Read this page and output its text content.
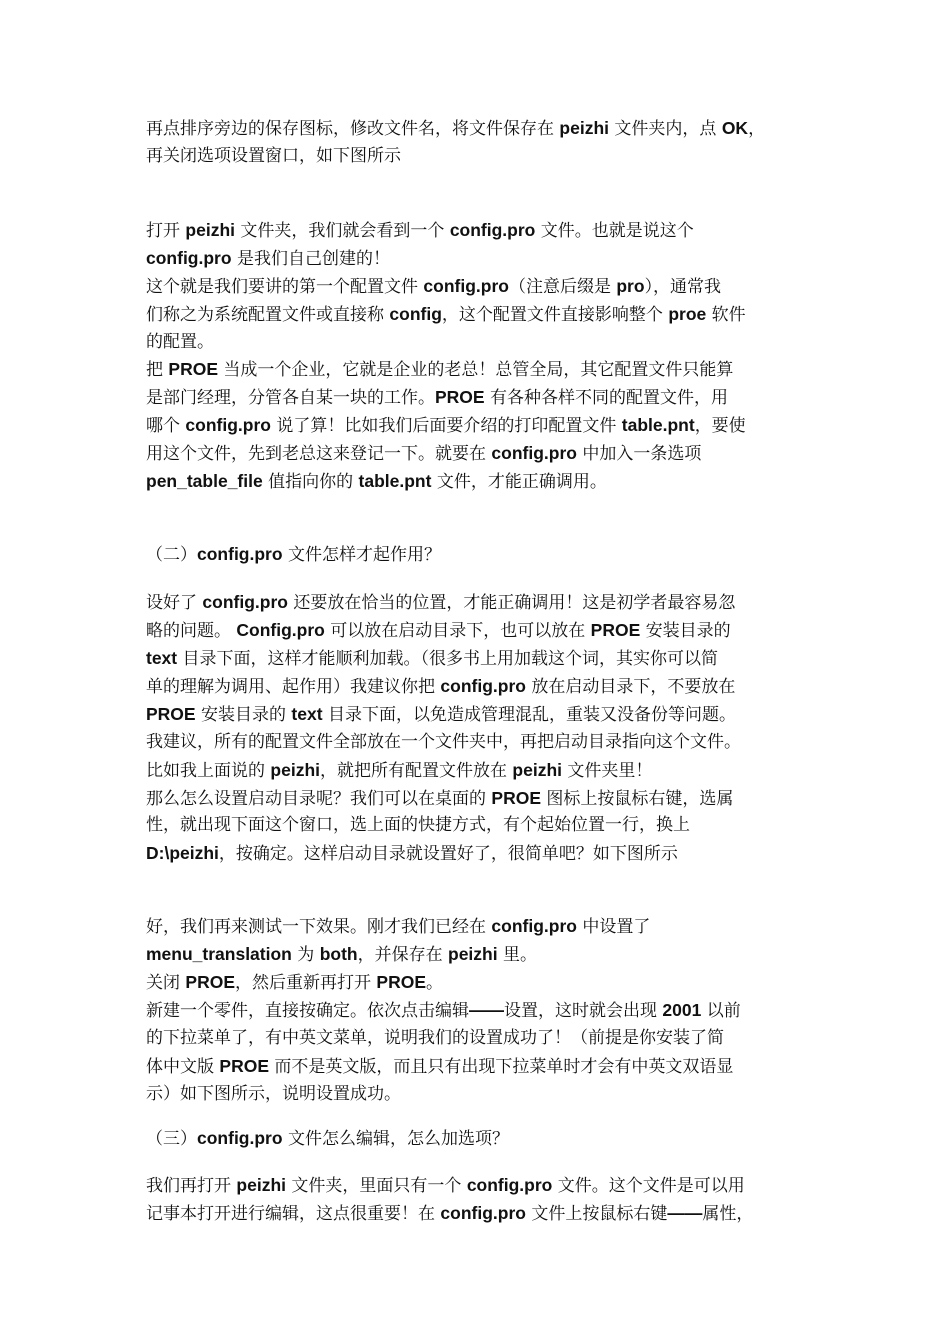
再点排序旁边的保存图标，修改文件名，将文件保存在 peizhi 文件夹内，点 OK，
再关闭选项设置窗口，如下图所示
打开 peizhi 文件夹，我们就会看到一个 config.pro 文件。也就是说这个
config.pro 是我们自己创建的！
这个就是我们要讲的第一个配置文件 config.pro（注意后缀是 pro），通常我
们称之为系统配置文件或直接称 config，这个配置文件直接影响整个 proe 软件
的配置。
把 PROE 当成一个企业，它就是企业的老总！总管全局，其它配置文件只能算
是部门经理，分管各自某一块的工作。PROE 有各种各样不同的配置文件，用
哪个 config.pro 说了算！比如我们后面要介绍的打印配置文件 table.pnt，要使
用这个文件，先到老总这来登记一下。就要在 config.pro 中加入一条选项
pen_table_file 值指向你的 table.pnt 文件，才能正确调用。
（二）config.pro 文件怎样才起作用？
设好了 config.pro 还要放在恰当的位置，才能正确调用！这是初学者最容易忽
略的问题。 Config.pro 可以放在启动目录下，也可以放在 PROE 安装目录的
text 目录下面，这样才能顺利加载。（很多书上用加载这个词，其实你可以简
单的理解为调用、起作用）我建议你把 config.pro 放在启动目录下，不要放在
PROE 安装目录的 text 目录下面，以免造成管理混乱，重装又没备份等问题。
我建议，所有的配置文件全部放在一个文件夹中，再把启动目录指向这个文件。
比如我上面说的 peizhi，就把所有配置文件放在 peizhi 文件夹里！
那么怎么设置启动目录呢？我们可以在桌面的 PROE 图标上按鼠标右键，选属
性，就出现下面这个窗口，选上面的快捷方式，有个起始位置一行，换上
D:\peizhi，按确定。这样启动目录就设置好了，很简单吧？如下图所示
好，我们再来测试一下效果。刚才我们已经在 config.pro 中设置了
menu_translation 为 both，并保存在 peizhi 里。
关闭 PROE，然后重新再打开 PROE。
新建一个零件，直接按确定。依次点击编辑——设置，这时就会出现 2001 以前
的下拉菜单了，有中英文菜单，说明我们的设置成功了！（前提是你安装了简
体中文版 PROE 而不是英文版，而且只有出现下拉菜单时才会有中英文双语显
示）如下图所示，说明设置成功。
（三）config.pro 文件怎么编辑，怎么加选项？
我们再打开 peizhi 文件夹，里面只有一个 config.pro 文件。这个文件是可以用
记事本打开进行编辑，这点很重要！在 config.pro 文件上按鼠标右键——属性，
